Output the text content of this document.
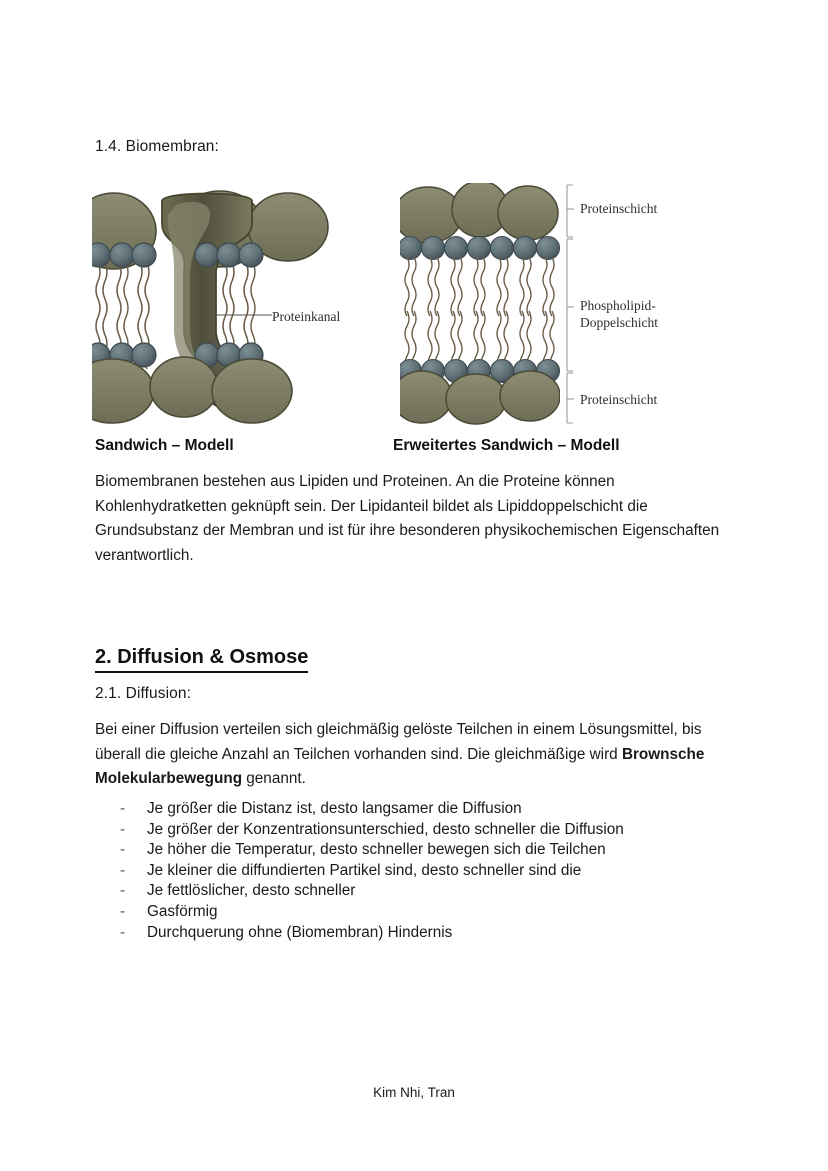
1.4. Biomembran:
Proteinkanal
Proteinschicht
Phospholipid-
Doppelschicht
Proteinschicht
Sandwich – Modell	Erweitertes Sandwich – Modell
Biomembranen bestehen aus Lipiden und Proteinen. An die Proteine können Kohlenhydratketten geknüpft sein. Der Lipidanteil bildet als Lipiddoppelschicht die Grundsubstanz der Membran und ist für ihre besonderen physikochemischen Eigenschaften verantwortlich.
2. Diffusion & Osmose
2.1. Diffusion:
Bei einer Diffusion verteilen sich gleichmäßig gelöste Teilchen in einem Lösungsmittel, bis überall die gleiche Anzahl an Teilchen vorhanden sind. Die gleichmäßige wird Brownsche Molekularbewegung genannt.
-	Je größer die Distanz ist, desto langsamer die Diffusion
-	Je größer der Konzentrationsunterschied, desto schneller die Diffusion
-	Je höher die Temperatur, desto schneller bewegen sich die Teilchen
-	Je kleiner die diffundierten Partikel sind, desto schneller sind die
-	Je fettlöslicher, desto schneller
-	Gasförmig
-	Durchquerung ohne (Biomembran) Hindernis
Kim Nhi, Tran
